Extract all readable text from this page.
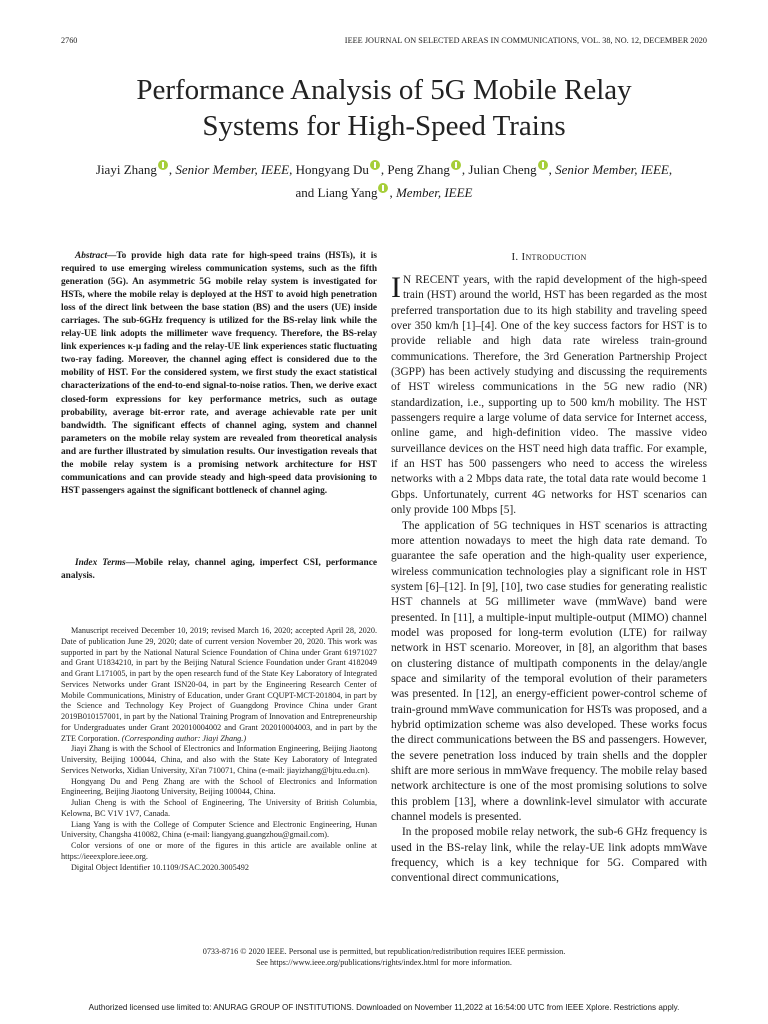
2760	IEEE JOURNAL ON SELECTED AREAS IN COMMUNICATIONS, VOL. 38, NO. 12, DECEMBER 2020
Performance Analysis of 5G Mobile Relay
Systems for High-Speed Trains
Jiayi Zhang , Senior Member, IEEE, Hongyang Du , Peng Zhang , Julian Cheng , Senior Member, IEEE,
and Liang Yang , Member, IEEE
Abstract—To provide high data rate for high-speed trains (HSTs), it is required to use emerging wireless communication systems, such as the fifth generation (5G). An asymmetric 5G mobile relay system is investigated for HSTs, where the mobile relay is deployed at the HST to avoid high penetration loss of the direct link between the base station (BS) and the users (UE) inside carriages. The sub-6GHz frequency is utilized for the BS-relay link while the relay-UE link adopts the millimeter wave frequency. Therefore, the BS-relay link experiences κ-μ fading and the relay-UE link experiences static fluctuating two-ray fading. Moreover, the channel aging effect is considered due to the mobility of HST. For the considered system, we first study the exact statistical characterizations of the end-to-end signal-to-noise ratios. Then, we derive exact closed-form expressions for key performance metrics, such as outage probability, average bit-error rate, and average achievable rate per unit bandwidth. The significant effects of channel aging, system and channel parameters on the mobile relay system are revealed from theoretical analysis and are further illustrated by simulation results. Our investigation reveals that the mobile relay system is a promising network architecture for HST communications and can provide steady and high-speed data provisioning to HST passengers against the significant bottleneck of channel aging.
Index Terms—Mobile relay, channel aging, imperfect CSI, performance analysis.

Manuscript received December 10, 2019; revised March 16, 2020; accepted April 28, 2020. Date of publication June 29, 2020; date of current version November 20, 2020. This work was supported in part by the National Natural Science Foundation of China under Grant 61971027 and Grant U1834210, in part by the Beijing Natural Science Foundation under Grant 4182049 and Grant L171005, in part by the open research fund of the State Key Laboratory of Integrated Services Networks under Grant ISN20-04, in part by the Engineering Research Center of Mobile Communications, Ministry of Education, under Grant CQUPT-MCT-201804, in part by the Science and Technology Key Project of Guangdong Province China under Grant 2019B010157001, in part by the National Training Program of Innovation and Entrepreneurship for Undergraduates under Grant 202010004002 and Grant 202010004003, and in part by the ZTE Corporation. (Corresponding author: Jiayi Zhang.)

Jiayi Zhang is with the School of Electronics and Information Engineering, Beijing Jiaotong University, Beijing 100044, China, and also with the State Key Laboratory of Integrated Services Networks, Xidian University, Xi'an 710071, China (e-mail: jiayizhang@bjtu.edu.cn).

Hongyang Du and Peng Zhang are with the School of Electronics and Information Engineering, Beijing Jiaotong University, Beijing 100044, China.

Julian Cheng is with the School of Engineering, The University of British Columbia, Kelowna, BC V1V 1V7, Canada.

Liang Yang is with the College of Computer Science and Electronic Engineering, Hunan University, Changsha 410082, China (e-mail: liangyang.guangzhou@gmail.com).

Color versions of one or more of the figures in this article are available online at https://ieeexplore.ieee.org.

Digital Object Identifier 10.1109/JSAC.2020.3005492

I. Introduction

I N RECENT years, with the rapid development of the high-speed train (HST) around the world, HST has been regarded as the most preferred transportation due to its high stability and traveling speed over 350 km/h [1]–[4]. One of the key success factors for HST is to provide reliable and high data rate wireless train-ground communications. Therefore, the 3rd Generation Partnership Project (3GPP) has been actively studying and discussing the requirements of HST wireless communications in the 5G new radio (NR) standardization, i.e., supporting up to 500 km/h mobility. The HST passengers require a large volume of data service for Internet access, online game, and high-definition video. The massive video surveillance devices on the HST need high data traffic. For example, if an HST has 500 passengers who need to access the wireless networks with a 2 Mbps data rate, the total data rate would become 1 Gbps. Unfortunately, current 4G networks for HST scenarios can only provide 100 Mbps [5].

The application of 5G techniques in HST scenarios is attracting more attention nowadays to meet the high data rate demand. To guarantee the safe operation and the high-quality user experience, wireless communication technologies play a significant role in HST system [6]–[12]. In [9], [10], two case studies for generating realistic HST channels at 5G millimeter wave (mmWave) band were presented. In [11], a multiple-input multiple-output (MIMO) channel model was proposed for long-term evolution (LTE) for railway network in HST scenario. Moreover, in [8], an algorithm that bases on clustering distance of multipath components in the delay/angle space and similarity of the temporal evolution of their parameters was presented. In [12], an energy-efficient power-control scheme of train-ground mmWave communication for HSTs was proposed, and a hybrid optimization scheme was also developed. These works focus the direct communications between the BS and passengers. However, the severe penetration loss induced by train shells and the doppler shift are more serious in mmWave frequency. The mobile relay based network architecture is one of the most promising solutions to solve this problem [13], where a downlink-level simulator with accurate channel models is presented.

In the proposed mobile relay network, the sub-6 GHz frequency is used in the BS-relay link, while the relay-UE link adopts mmWave frequency, which is a key technique for 5G. Compared with conventional direct communications,

0733-8716 © 2020 IEEE. Personal use is permitted, but republication/redistribution requires IEEE permission.
See https://www.ieee.org/publications/rights/index.html for more information.
Authorized licensed use limited to: ANURAG GROUP OF INSTITUTIONS. Downloaded on November 11,2022 at 16:54:00 UTC from IEEE Xplore. Restrictions apply.
